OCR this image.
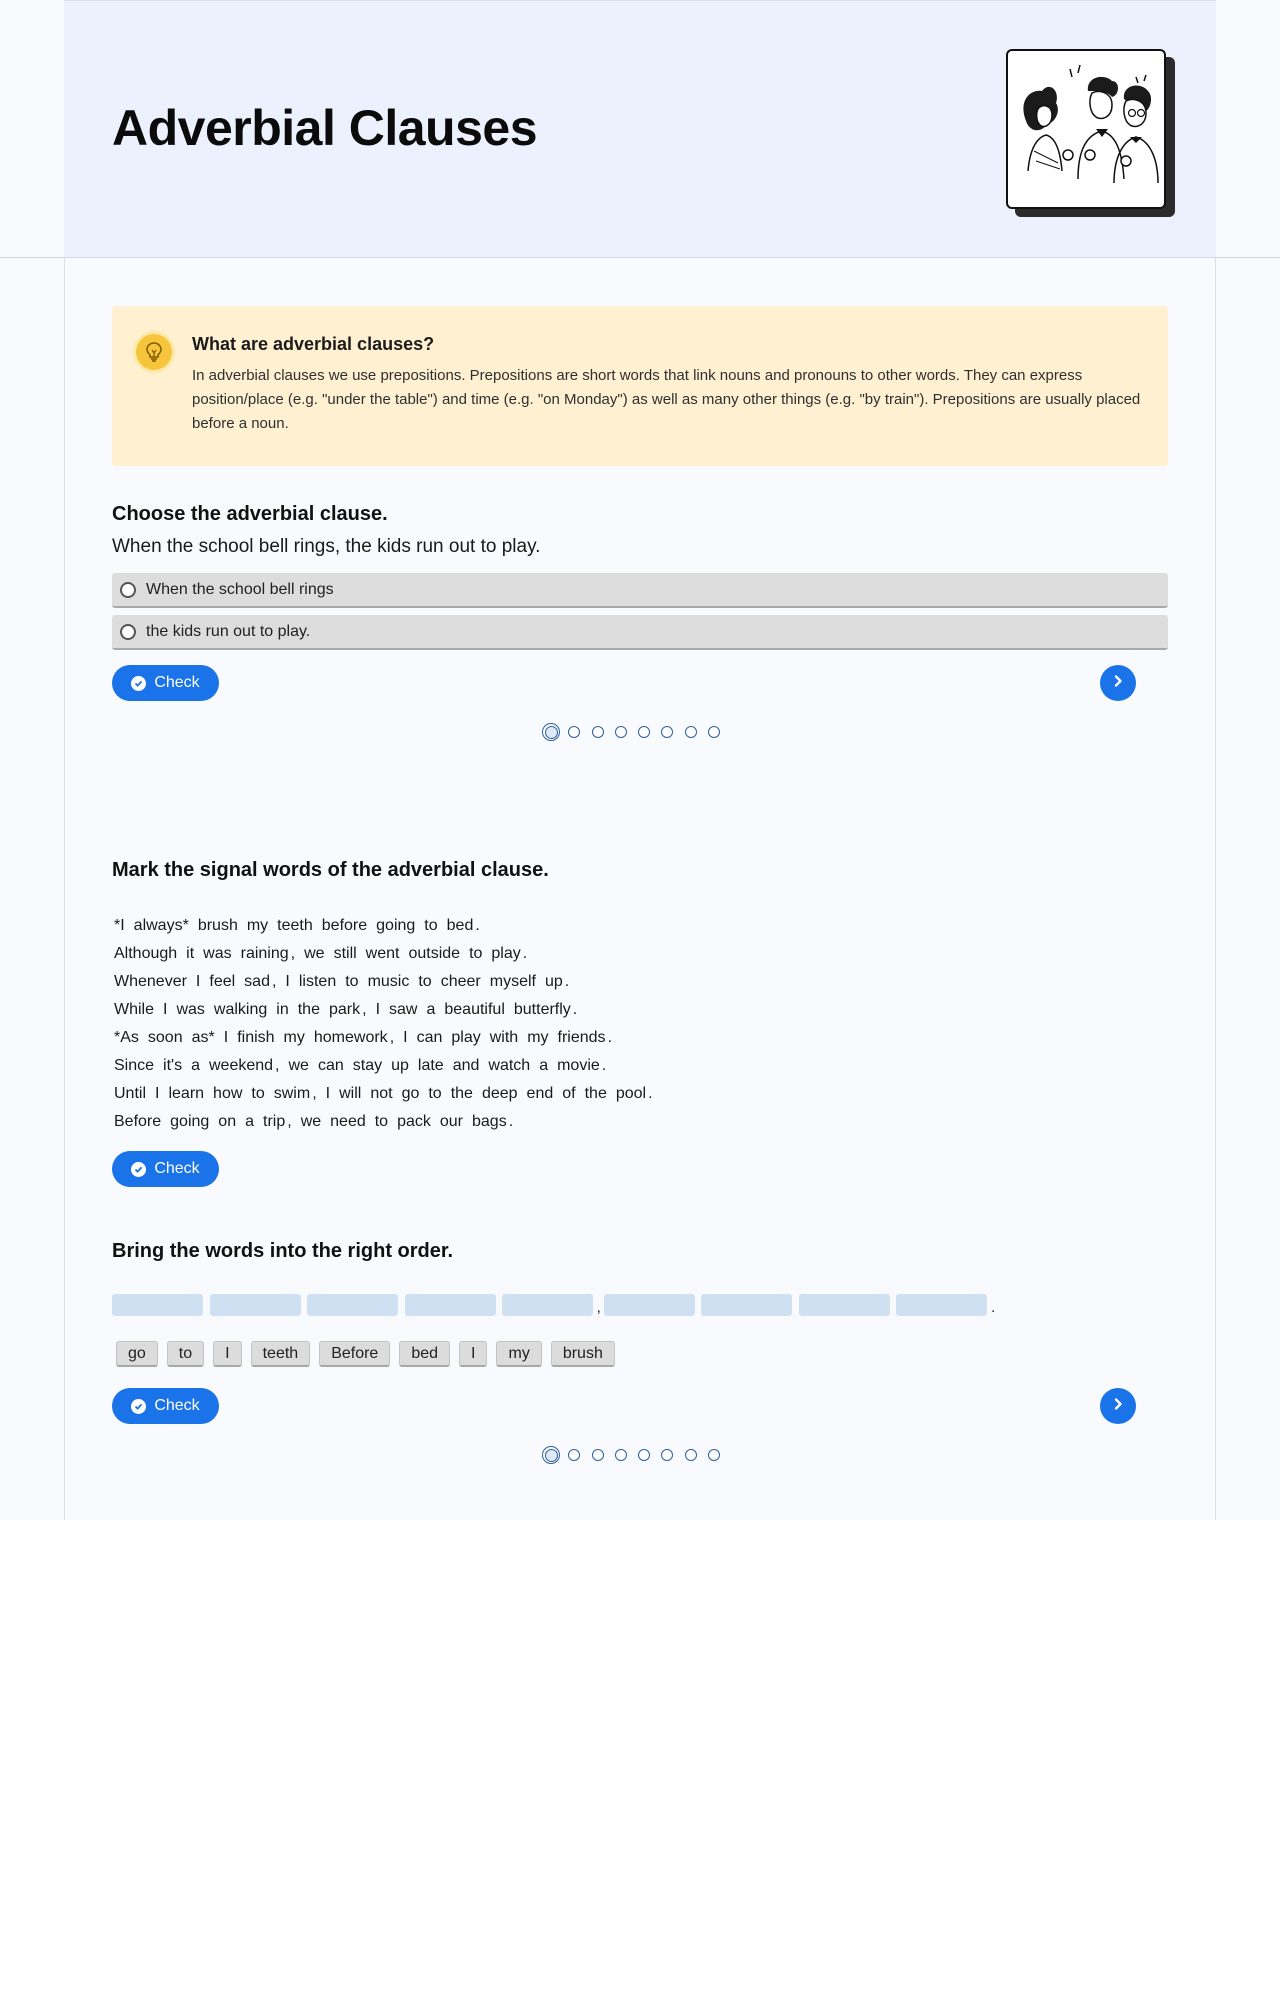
Adverbial Clauses
What are adverbial clauses?

In adverbial clauses we use prepositions. Prepositions are short words that link nouns and pronouns to other words. They can express position/place (e.g. "under the table") and time (e.g. "on Monday") as well as many other things (e.g. "by train"). Prepositions are usually placed before a noun.

Choose the adverbial clause.
When the school bell rings, the kids run out to play.
When the school bell rings
the kids run out to play.
Check
Mark the signal words of the adverbial clause.
*I always* brush my teeth before going to bed .
Although it was raining , we still went outside to play .
Whenever I feel sad , I listen to music to cheer myself up .
While I was walking in the park , I saw a beautiful butterfly .
*As soon as* I finish my homework , I can play with my friends .
Since it's a weekend , we can stay up late and watch a movie .
Until I learn how to swim , I will not go to the deep end of the pool .
Before going on a trip , we need to pack our bags .
Check
Bring the words into the right order.
,	.
go	to	I	teeth	Before	bed	I	my	brush
Check
